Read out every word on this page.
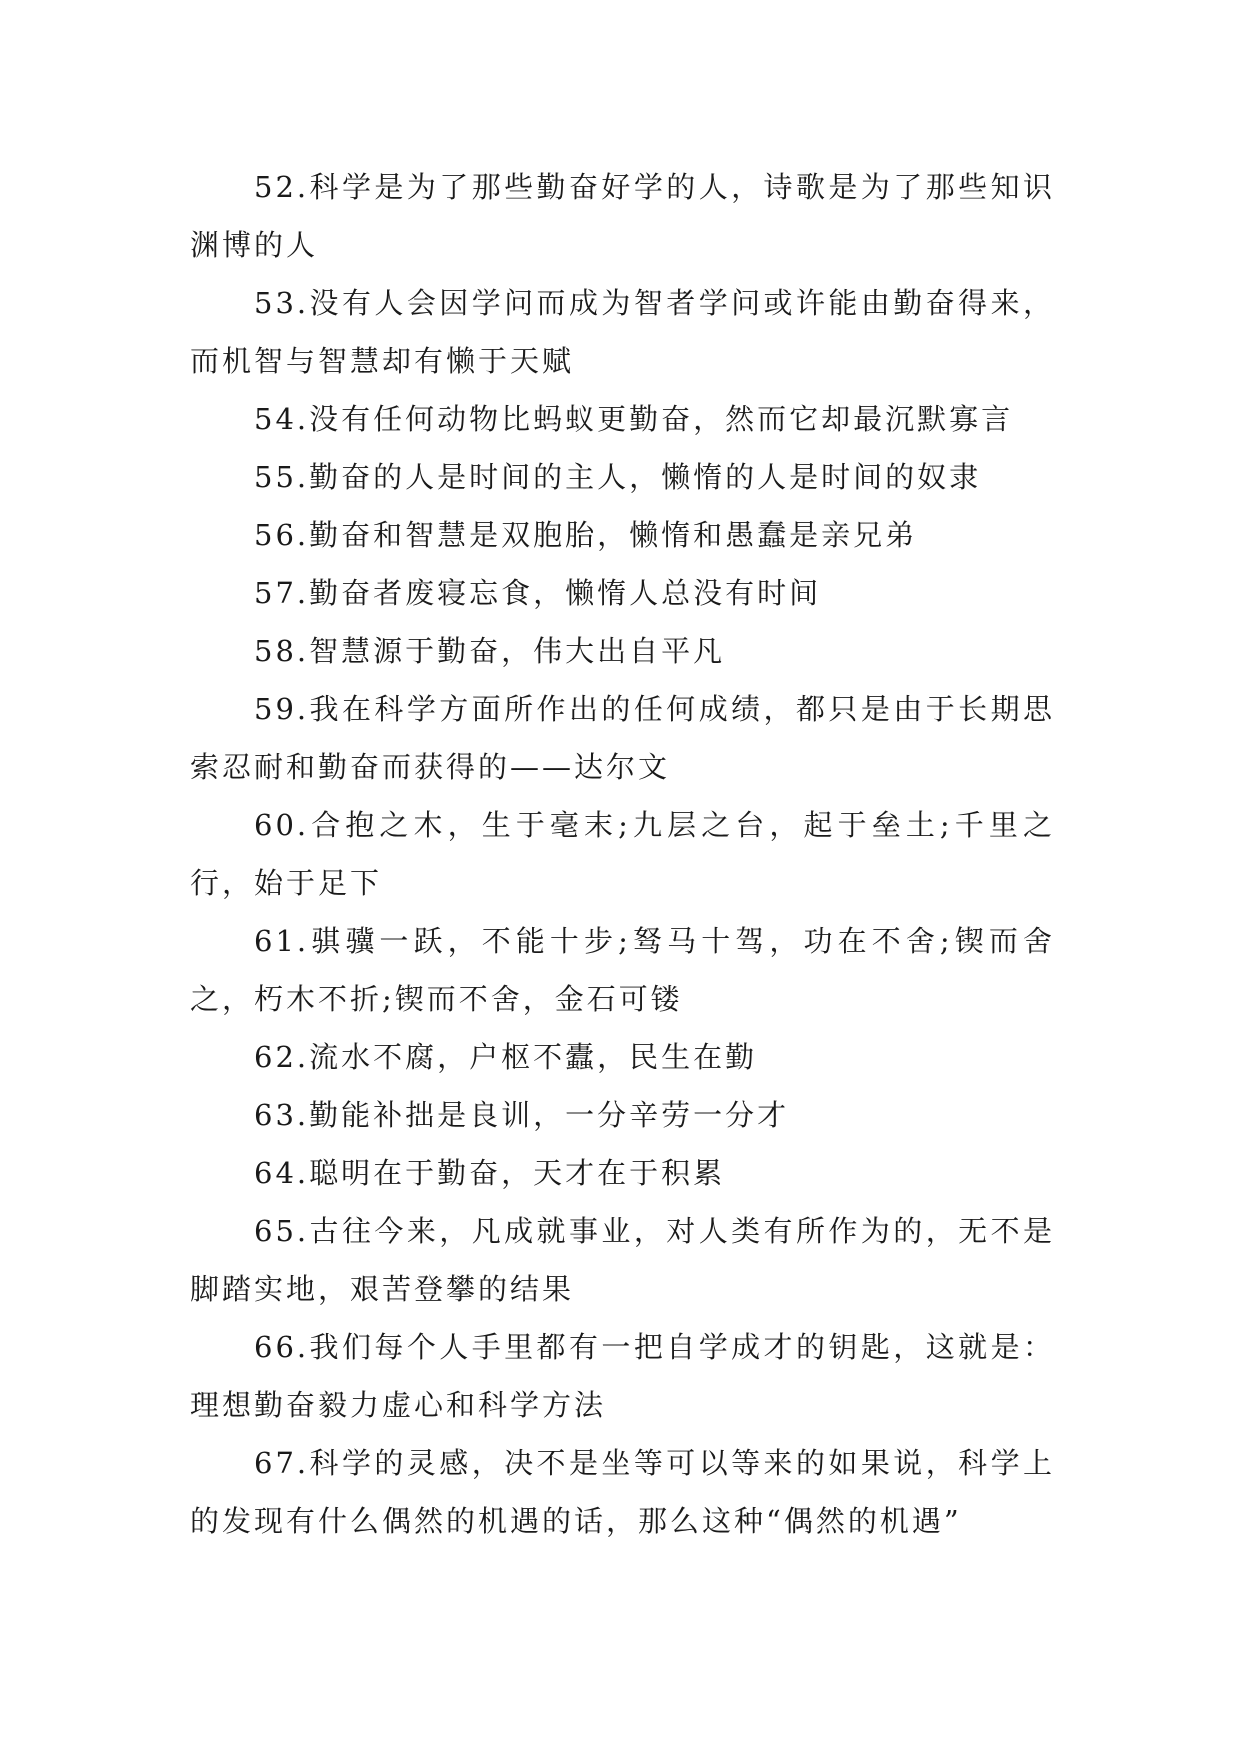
52.科学是为了那些勤奋好学的人，诗歌是为了那些知识渊博的人

53.没有人会因学问而成为智者学问或许能由勤奋得来，而机智与智慧却有懒于天赋

54.没有任何动物比蚂蚁更勤奋，然而它却最沉默寡言

55.勤奋的人是时间的主人，懒惰的人是时间的奴隶

56.勤奋和智慧是双胞胎，懒惰和愚蠢是亲兄弟

57.勤奋者废寝忘食，懒惰人总没有时间

58.智慧源于勤奋，伟大出自平凡

59.我在科学方面所作出的任何成绩，都只是由于长期思索忍耐和勤奋而获得的——达尔文

60.合抱之木，生于毫末;九层之台，起于垒土;千里之行，始于足下

61.骐骥一跃，不能十步;驽马十驾，功在不舍;锲而舍之，朽木不折;锲而不舍，金石可镂

62.流水不腐，户枢不蠹，民生在勤

63.勤能补拙是良训，一分辛劳一分才

64.聪明在于勤奋，天才在于积累

65.古往今来，凡成就事业，对人类有所作为的，无不是脚踏实地，艰苦登攀的结果

66.我们每个人手里都有一把自学成才的钥匙，这就是：理想勤奋毅力虚心和科学方法

67.科学的灵感，决不是坐等可以等来的如果说，科学上的发现有什么偶然的机遇的话，那么这种“偶然的机遇”
